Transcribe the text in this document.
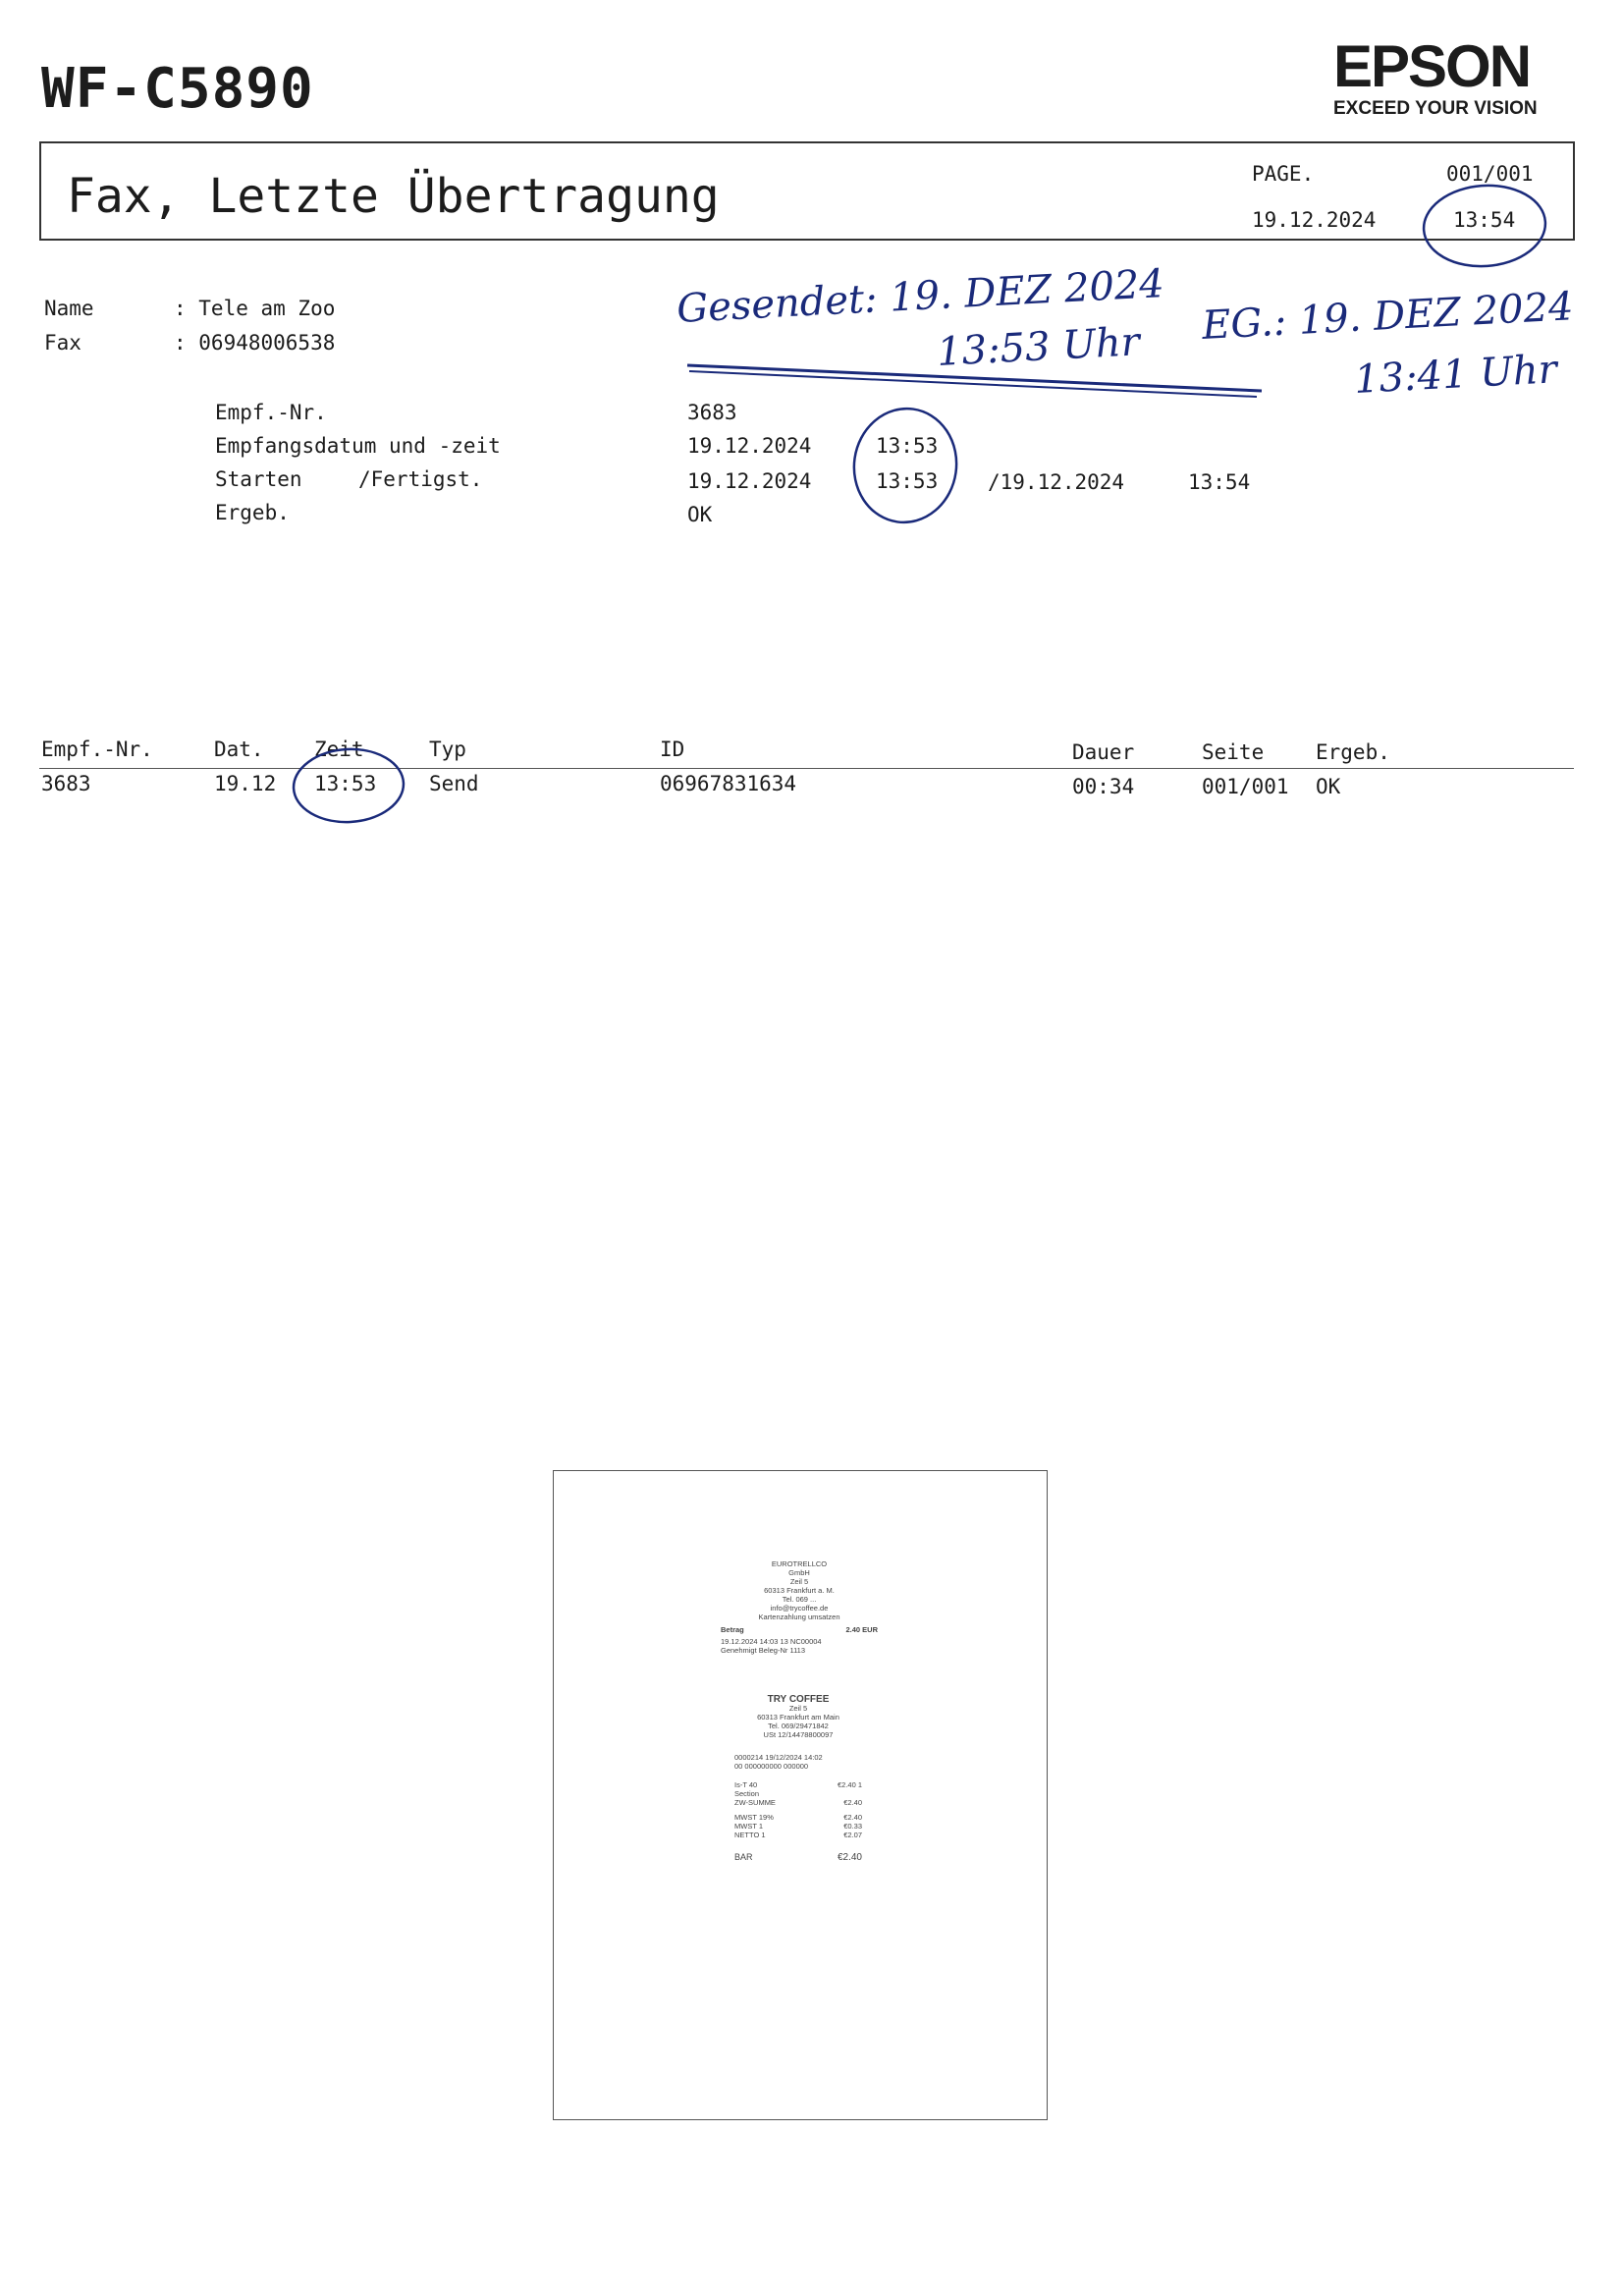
WF-C5890	EPSON
EXCEED YOUR VISION
Fax, Letzte Übertragung	PAGE.	001/001
19.12.2024	13:54
Name	: Tele am Zoo
Fax	: 06948006538
Empf.-Nr.	3683
Empfangsdatum und -zeit	19.12.2024	13:53
Starten	/Fertigst.	19.12.2024	13:53 /19.12.2024	13:54
Ergeb.	OK
Empf.-Nr.	Dat. Zeit	Typ	ID	Dauer	Seite	Ergeb.
3683	19.12 13:53	Send	06967831634	00:34	001/001 OK
EUROTRELLCO
GmbH
Zeil 5
60313 Frankfurt a. M.
Tel. 069 ...
info@trycoffee.de
Kartenzahlung umsatzen
Betrag	2.40 EUR
19.12.2024 14:03 13 NC00004
Genehmigt Beleg-Nr 1113
TRY COFFEE
Zeil 5
60313 Frankfurt am Main
Tel. 069/29471842
USt 12/14478800097
0000214 19/12/2024 14:02
00 000000000 000000
Is-T 40	€2.40 1
Section
ZW-SUMME	€2.40
MWST 19%	€2.40
MWST 1	€0.33
NETTO 1	€2.07
BAR	€2.40
Gesendet: 19. DEZ 2024
13:53 Uhr EG.: 19. DEZ 2024
13:41 Uhr
